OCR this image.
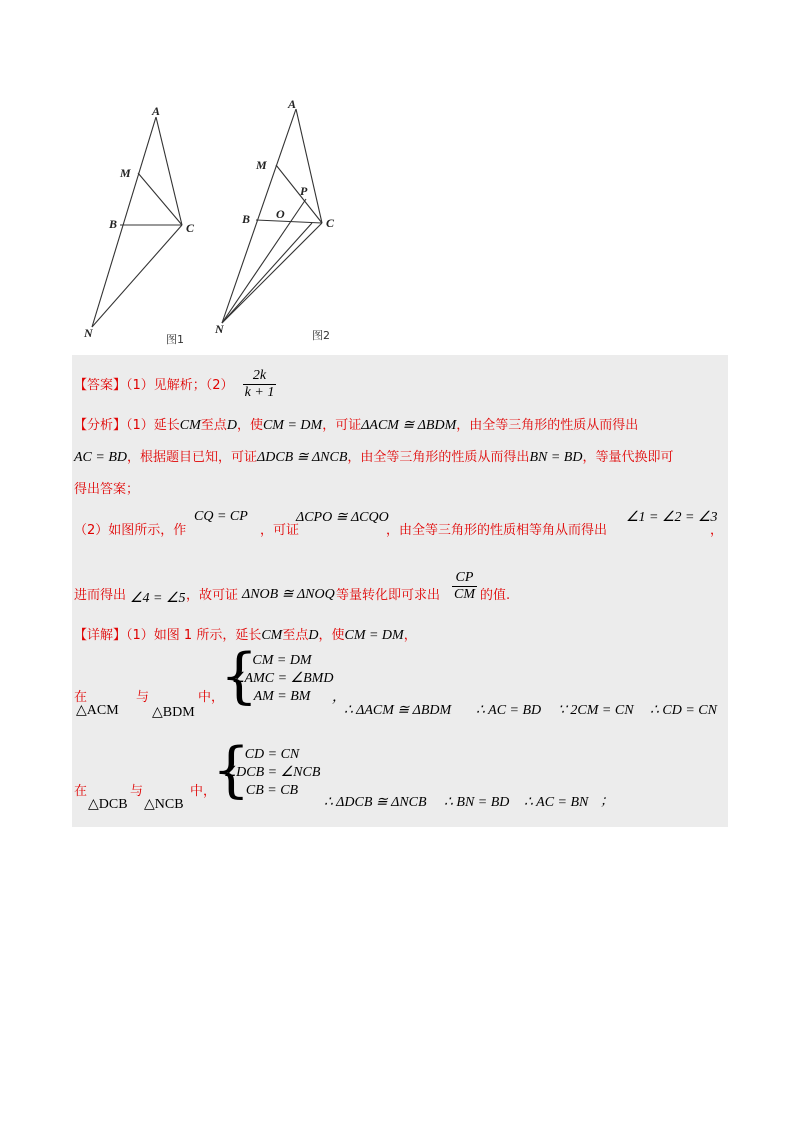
A
M
B	C
N	图1
A
M
P
B O
C
N	图2
【答案】（1）见解析；$(2) \frac{2k}{k + 1}$
【分析】（1）延长CM至点D，使CM = DM，可证ΔACM ≅ ΔBDM，由全等三角形的性质从而得出
AC = BD，根据题目已知，可证ΔDCB ≅ ΔNCB，由全等三角形的性质从而得出BN = BD，等量代换即可
得出答案；
（2）如图所示，作
CQ = CP
，可证
ΔCPO ≅ ΔCQO
，由全等三角形的性质相等角从而得出
∠1 = ∠2 = ∠3
，
进而得出 ∠4 = ∠5 ，故可证 ΔNOB ≅ ΔNOQ 等量转化即可求出 $\frac{CP}{CM}$ 的值.
【详解】（1）如图 1 所示，延长CM至点D，使CM = DM，
在
△ACM
与
△BDM
中，
{
CM = DM
∠AMC = ∠BMD
AM = BM	，
∴ ΔACM ≅ ΔBDM ∴ AC = BD ∵ 2CM = CN ∴ CD = CN
在
△DCB
与
△NCB
中，
{
CD = CN
∠DCB = ∠NCB
CB = CB
∴ ΔDCB ≅ ΔNCB ∴ BN = BD ∴ AC = BN ；
